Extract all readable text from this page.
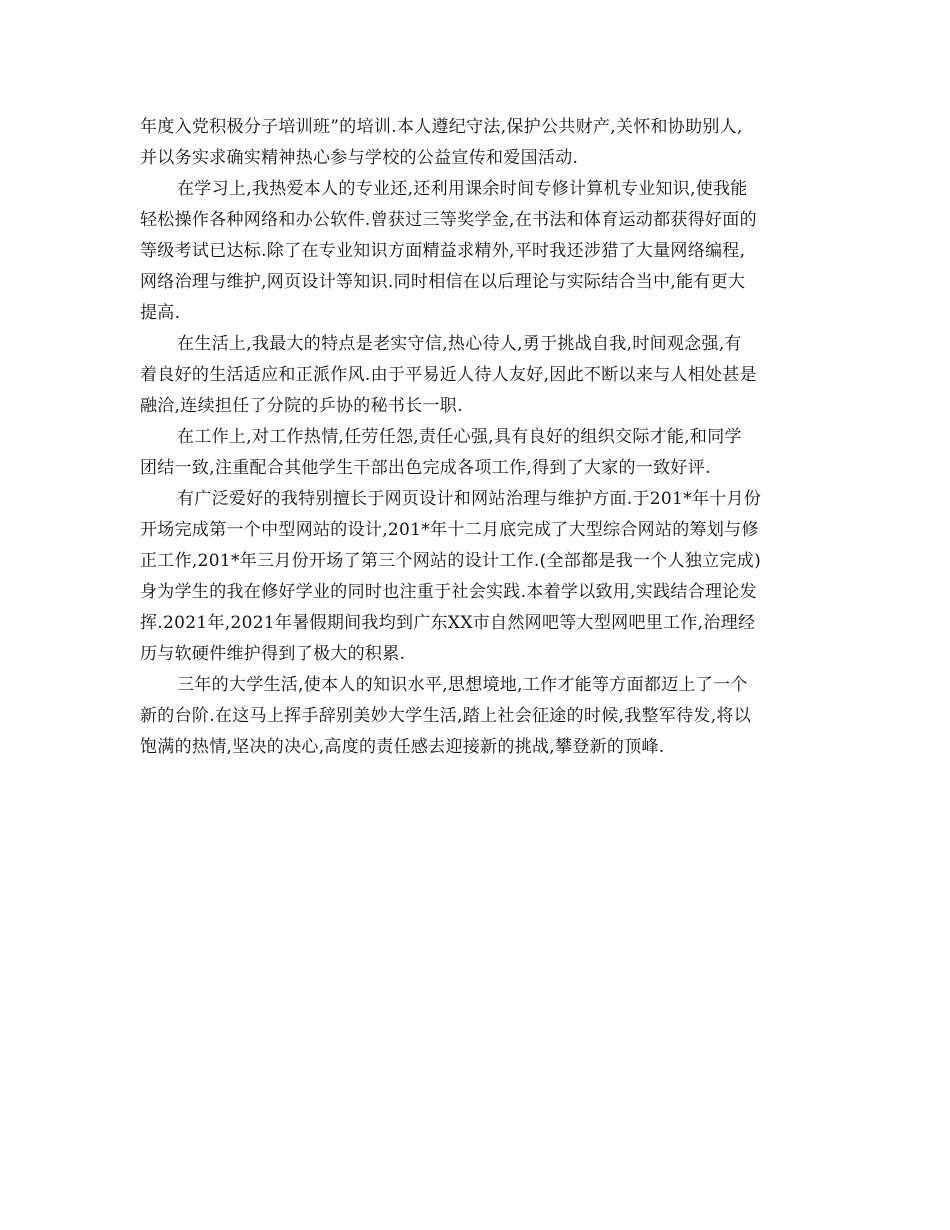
年度入党积极分子培训班”的培训.本人遵纪守法,保护公共财产,关怀和协助别人,
并以务实求确实精神热心参与学校的公益宣传和爱国活动.
在学习上,我热爱本人的专业还,还利用课余时间专修计算机专业知识,使我能
轻松操作各种网络和办公软件.曾获过三等奖学金,在书法和体育运动都获得好面的
等级考试已达标.除了在专业知识方面精益求精外,平时我还涉猎了大量网络编程,
网络治理与维护,网页设计等知识.同时相信在以后理论与实际结合当中,能有更大
提高.
在生活上,我最大的特点是老实守信,热心待人,勇于挑战自我,时间观念强,有
着良好的生活适应和正派作风.由于平易近人待人友好,因此不断以来与人相处甚是
融洽,连续担任了分院的乒协的秘书长一职.
在工作上,对工作热情,任劳任怨,责任心强,具有良好的组织交际才能,和同学
团结一致,注重配合其他学生干部出色完成各项工作,得到了大家的一致好评.
有广泛爱好的我特别擅长于网页设计和网站治理与维护方面.于201*年十月份
开场完成第一个中型网站的设计,201*年十二月底完成了大型综合网站的筹划与修
正工作,201*年三月份开场了第三个网站的设计工作.(全部都是我一个人独立完成)
身为学生的我在修好学业的同时也注重于社会实践.本着学以致用,实践结合理论发
挥.2021年,2021年暑假期间我均到广东XX市自然网吧等大型网吧里工作,治理经
历与软硬件维护得到了极大的积累.
三年的大学生活,使本人的知识水平,思想境地,工作才能等方面都迈上了一个
新的台阶.在这马上挥手辞别美妙大学生活,踏上社会征途的时候,我整军待发,将以
饱满的热情,坚决的决心,高度的责任感去迎接新的挑战,攀登新的顶峰.
